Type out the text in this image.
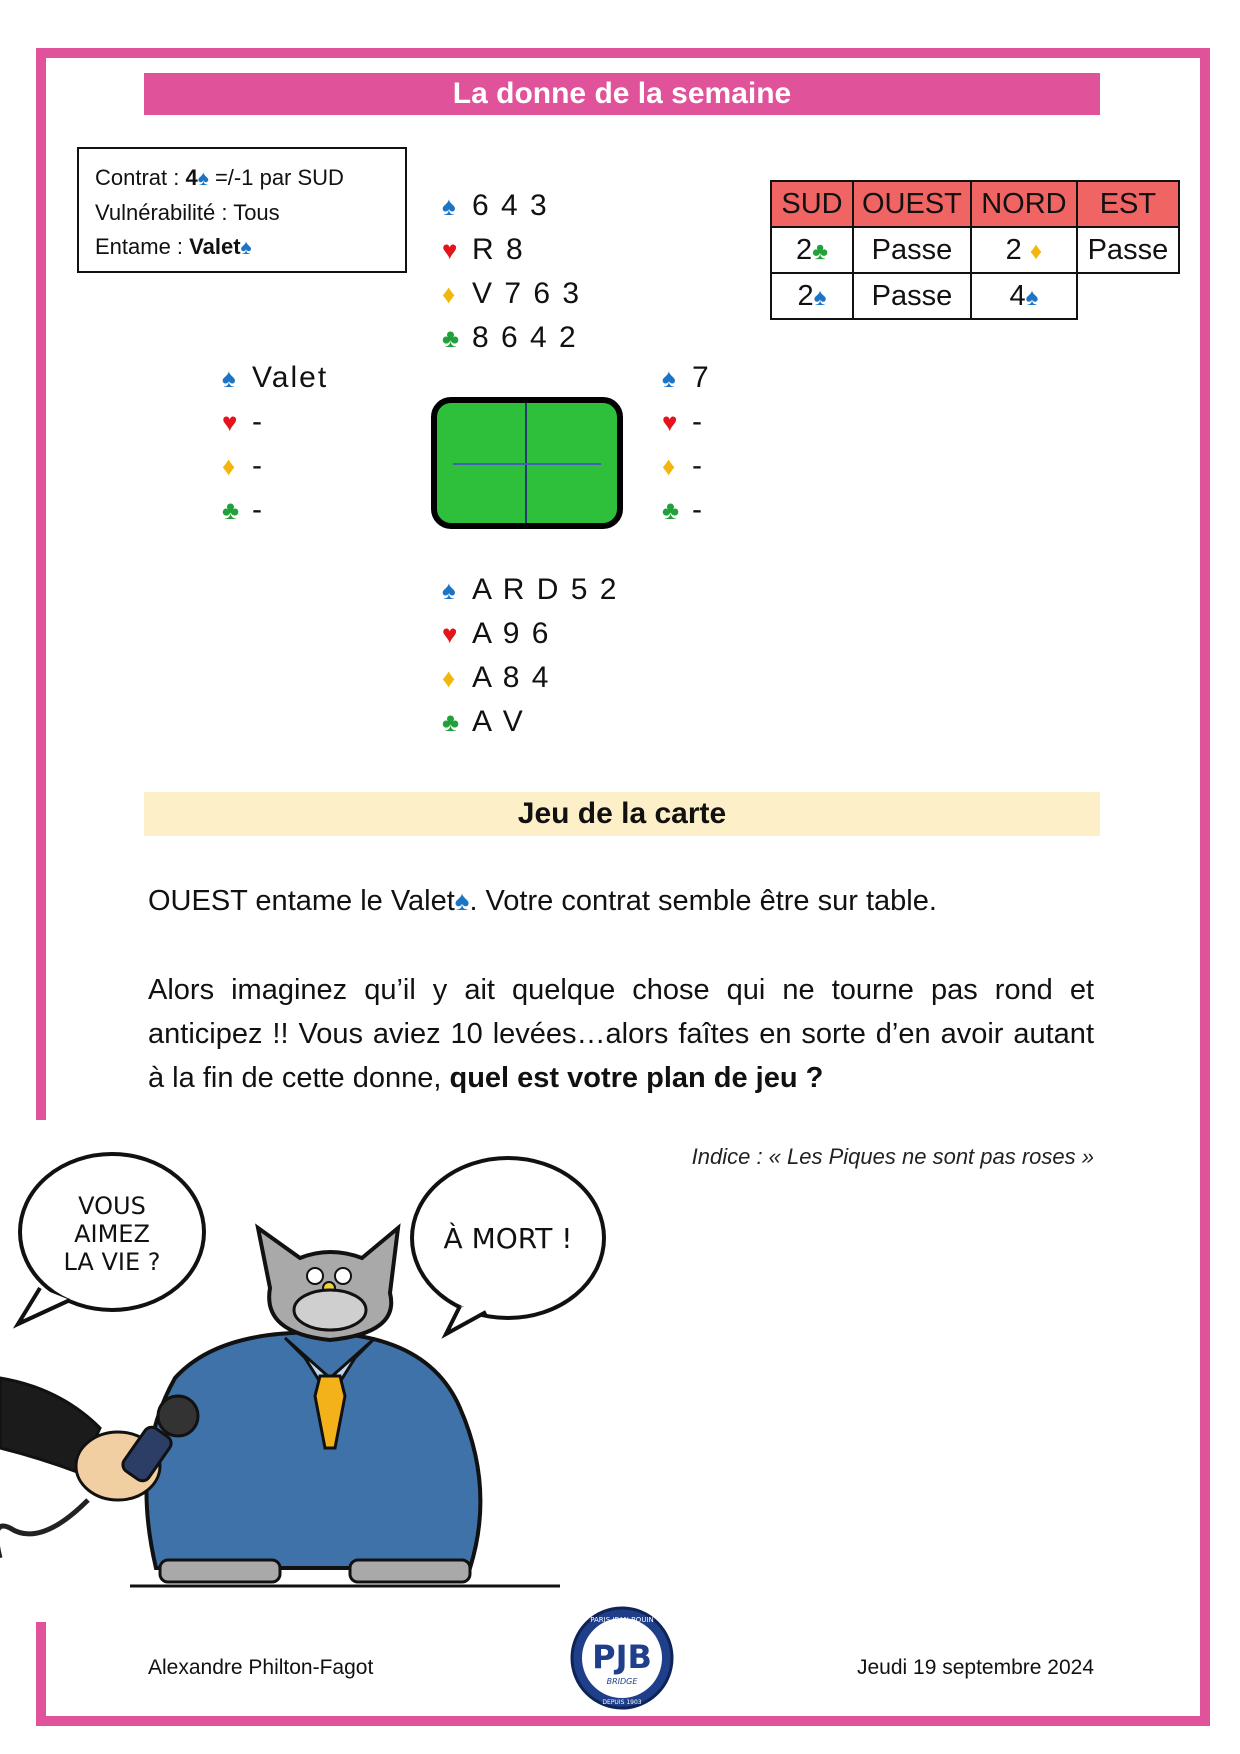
La donne de la semaine
Contrat : 4♠ =/-1 par SUD
Vulnérabilité : Tous
Entame : Valet♠
♠ 6 4 3
♥ R 8
♦ V 7 6 3
♣ 8 6 4 2
♠ Valet
♥ -
♦ -
♣ -
♠ 7
♥ -
♦ -
♣ -
♠ A R D 5 2
♥ A 9 6
♦ A 8 4
♣ A V
SUD	OUEST	NORD	EST
2♣	Passe	2 ♦	Passe
2♠	Passe	4♠	
Jeu de la carte
OUEST entame le Valet♠. Votre contrat semble être sur table.
Alors imaginez qu’il y ait quelque chose qui ne tourne pas rond et anticipez !! Vous aviez 10 levées…alors faîtes en sorte d’en avoir autant à la fin de cette donne, quel est votre plan de jeu ?
Indice : « Les Piques ne sont pas roses »
VOUS
AIMEZ
LA VIE ?
À MORT !
PJB
BRIDGE
DEPUIS 1903
PARIS JEAN BOUIN
Alexandre Philton-Fagot	Jeudi 19 septembre 2024
